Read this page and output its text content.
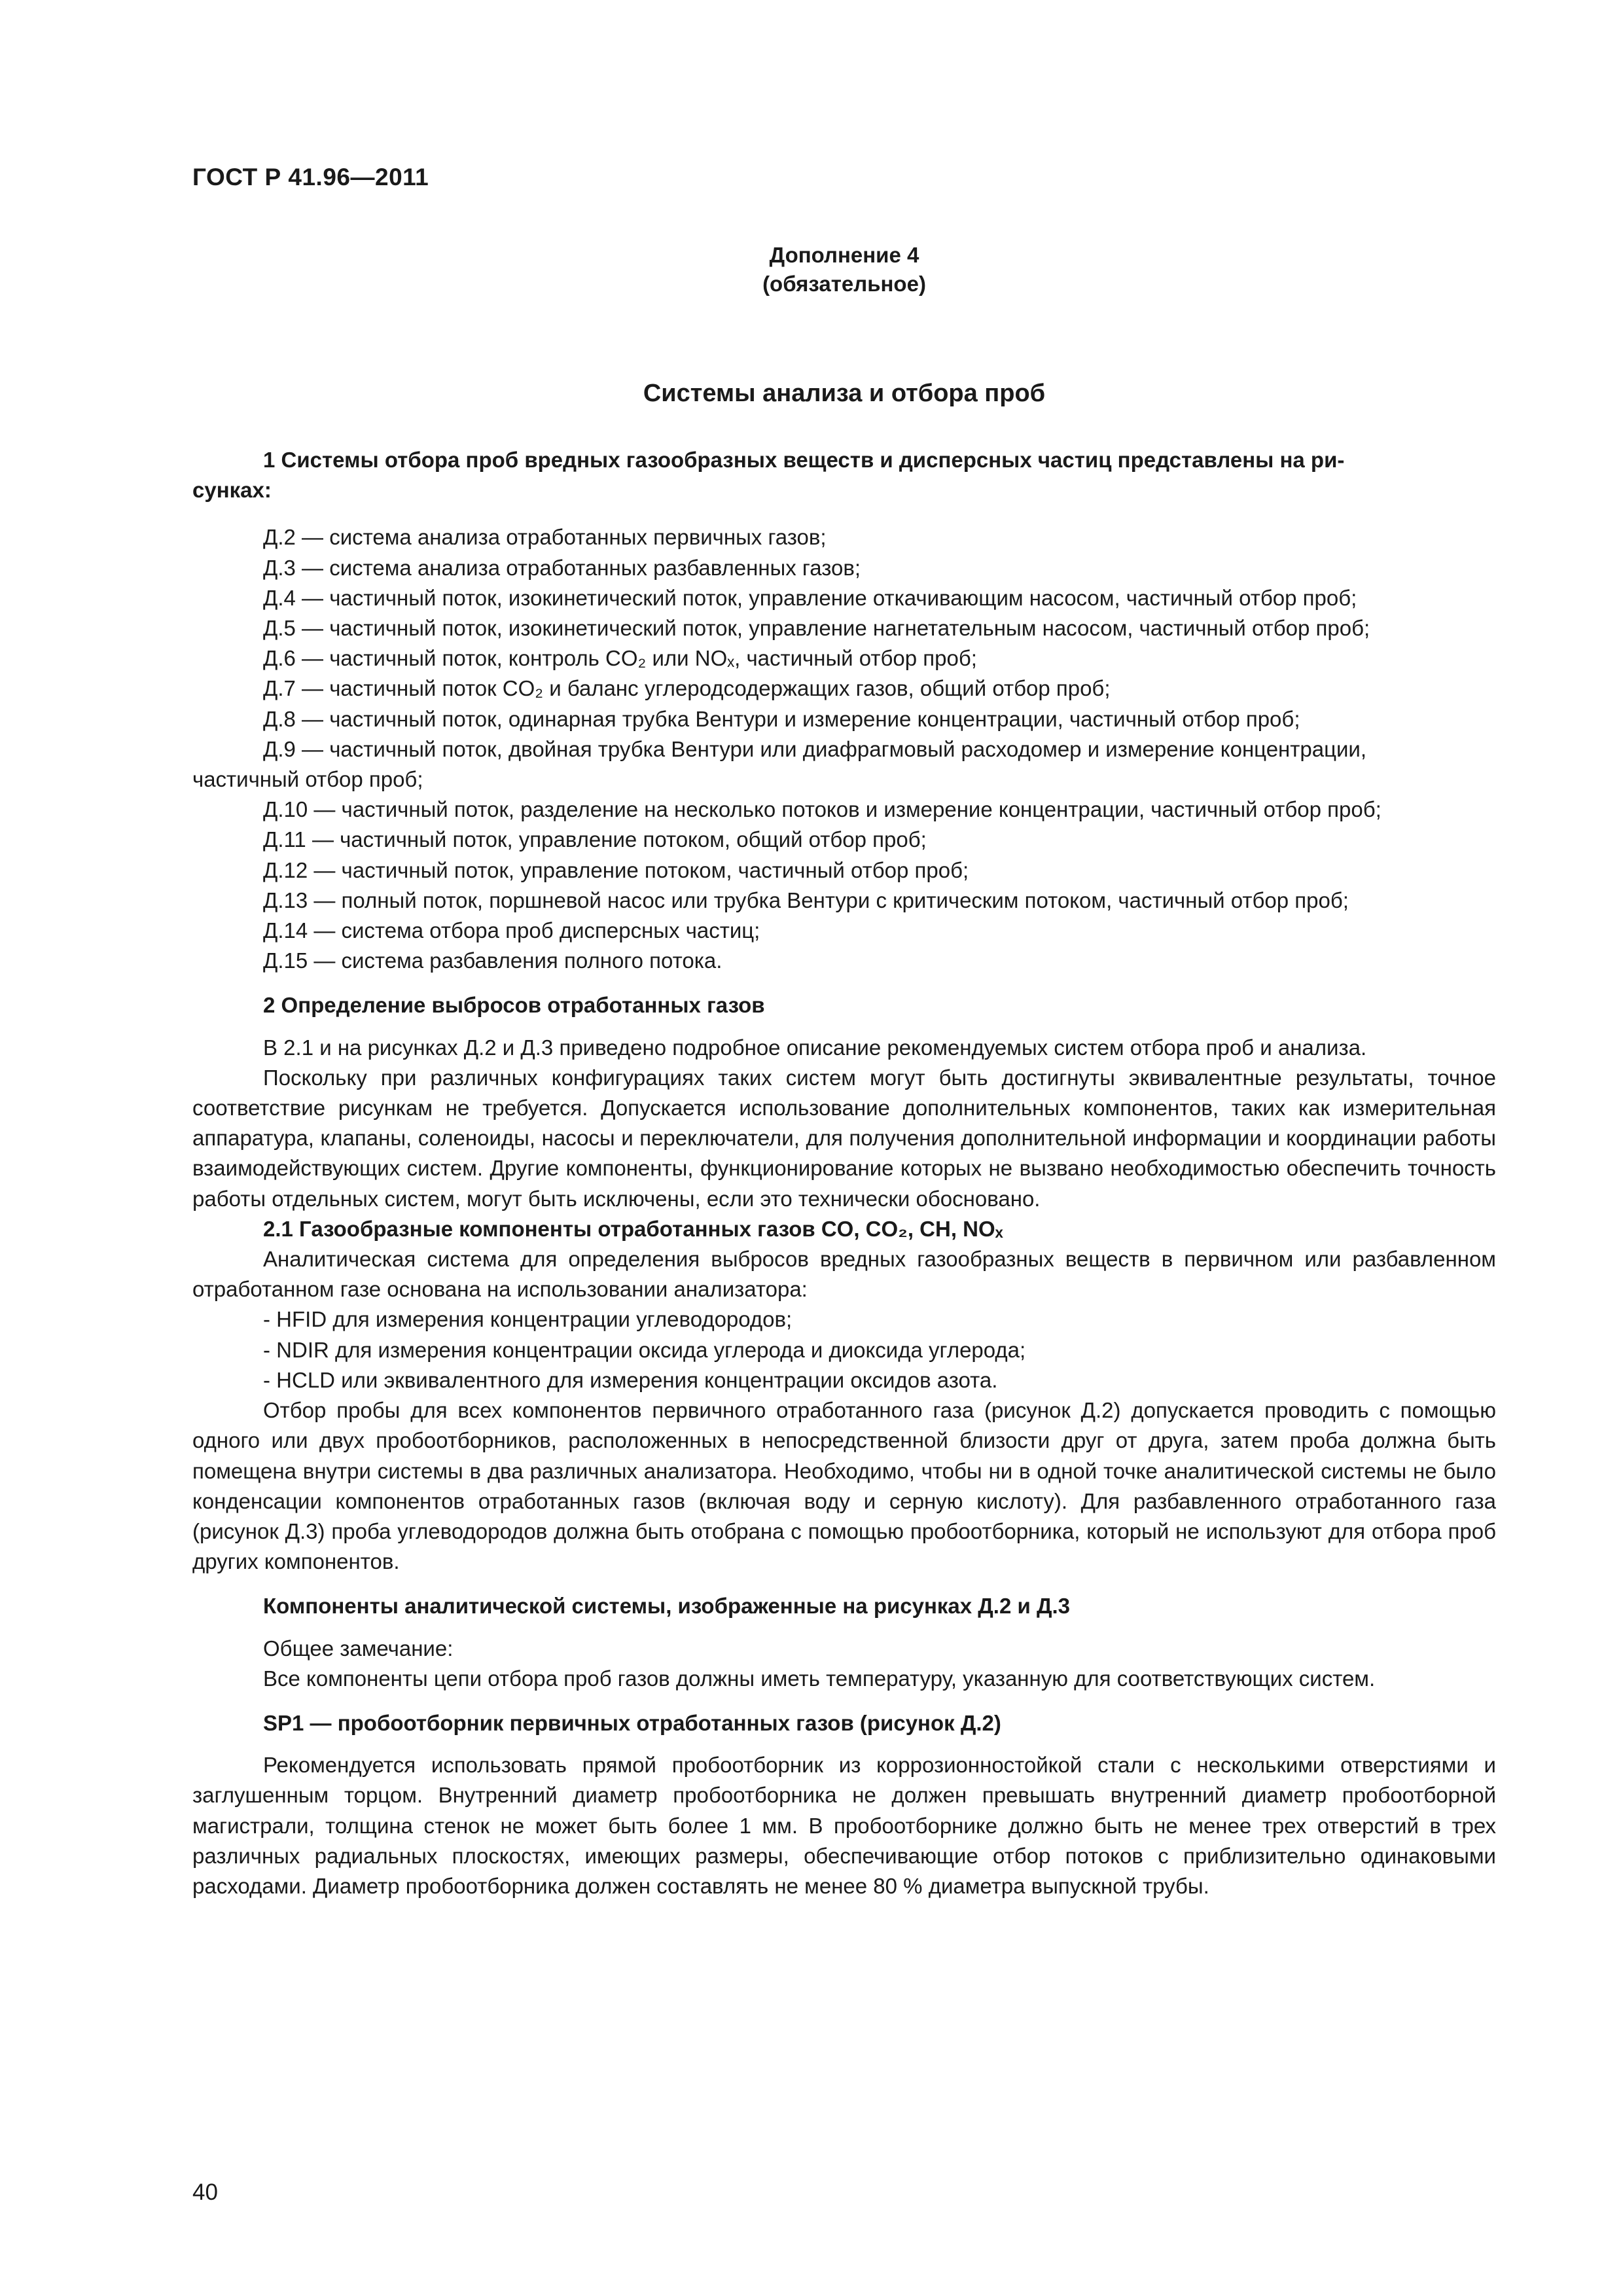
ГОСТ Р 41.96—2011
Дополнение 4
(обязательное)
Системы анализа и отбора проб
1 Системы отбора проб вредных газообразных веществ и дисперсных частиц представлены на ри-
сунках:
Д.2 — система анализа отработанных первичных газов;
Д.3 — система анализа отработанных разбавленных газов;
Д.4 — частичный поток, изокинетический поток, управление откачивающим насосом, частичный отбор проб;
Д.5 — частичный поток, изокинетический поток, управление нагнетательным насосом, частичный отбор проб;
Д.6 — частичный поток, контроль CO₂ или NOₓ, частичный отбор проб;
Д.7 — частичный поток CO₂ и баланс углеродсодержащих газов, общий отбор проб;
Д.8 — частичный поток, одинарная трубка Вентури и измерение концентрации, частичный отбор проб;
Д.9 — частичный поток, двойная трубка Вентури или диафрагмовый расходомер и измерение концентрации,
частичный отбор проб;
Д.10 — частичный поток, разделение на несколько потоков и измерение концентрации, частичный отбор проб;
Д.11 — частичный поток, управление потоком, общий отбор проб;
Д.12 — частичный поток, управление потоком, частичный отбор проб;
Д.13 — полный поток, поршневой насос или трубка Вентури с критическим потоком, частичный отбор проб;
Д.14 — система отбора проб дисперсных частиц;
Д.15 — система разбавления полного потока.
2 Определение выбросов отработанных газов
В 2.1 и на рисунках Д.2 и Д.3 приведено подробное описание рекомендуемых систем отбора проб и анализа.
Поскольку при различных конфигурациях таких систем могут быть достигнуты эквивалентные результаты, точное соответствие рисункам не требуется. Допускается использование дополнительных компонентов, таких как измерительная аппаратура, клапаны, соленоиды, насосы и переключатели, для получения дополнительной информации и координации работы взаимодействующих систем. Другие компоненты, функционирование которых не вызвано необходимостью обеспечить точность работы отдельных систем, могут быть исключены, если это технически обосновано.
2.1 Газообразные компоненты отработанных газов CO, CO₂, CH, NOₓ
Аналитическая система для определения выбросов вредных газообразных веществ в первичном или разбавленном отработанном газе основана на использовании анализатора:
- HFID для измерения концентрации углеводородов;
- NDIR для измерения концентрации оксида углерода и диоксида углерода;
- HCLD или эквивалентного для измерения концентрации оксидов азота.
Отбор пробы для всех компонентов первичного отработанного газа (рисунок Д.2) допускается проводить с помощью одного или двух пробоотборников, расположенных в непосредственной близости друг от друга, затем проба должна быть помещена внутри системы в два различных анализатора. Необходимо, чтобы ни в одной точке аналитической системы не было конденсации компонентов отработанных газов (включая воду и серную кислоту). Для разбавленного отработанного газа (рисунок Д.3) проба углеводородов должна быть отобрана с помощью пробоотборника, который не используют для отбора проб других компонентов.
Компоненты аналитической системы, изображенные на рисунках Д.2 и Д.3
Общее замечание:
Все компоненты цепи отбора проб газов должны иметь температуру, указанную для соответствующих систем.
SP1 — пробоотборник первичных отработанных газов (рисунок Д.2)
Рекомендуется использовать прямой пробоотборник из коррозионностойкой стали с несколькими отверстиями и заглушенным торцом. Внутренний диаметр пробоотборника не должен превышать внутренний диаметр пробоотборной магистрали, толщина стенок не может быть более 1 мм. В пробоотборнике должно быть не менее трех отверстий в трех различных радиальных плоскостях, имеющих размеры, обеспечивающие отбор потоков с приблизительно одинаковыми расходами. Диаметр пробоотборника должен составлять не менее 80 % диаметра выпускной трубы.
40
